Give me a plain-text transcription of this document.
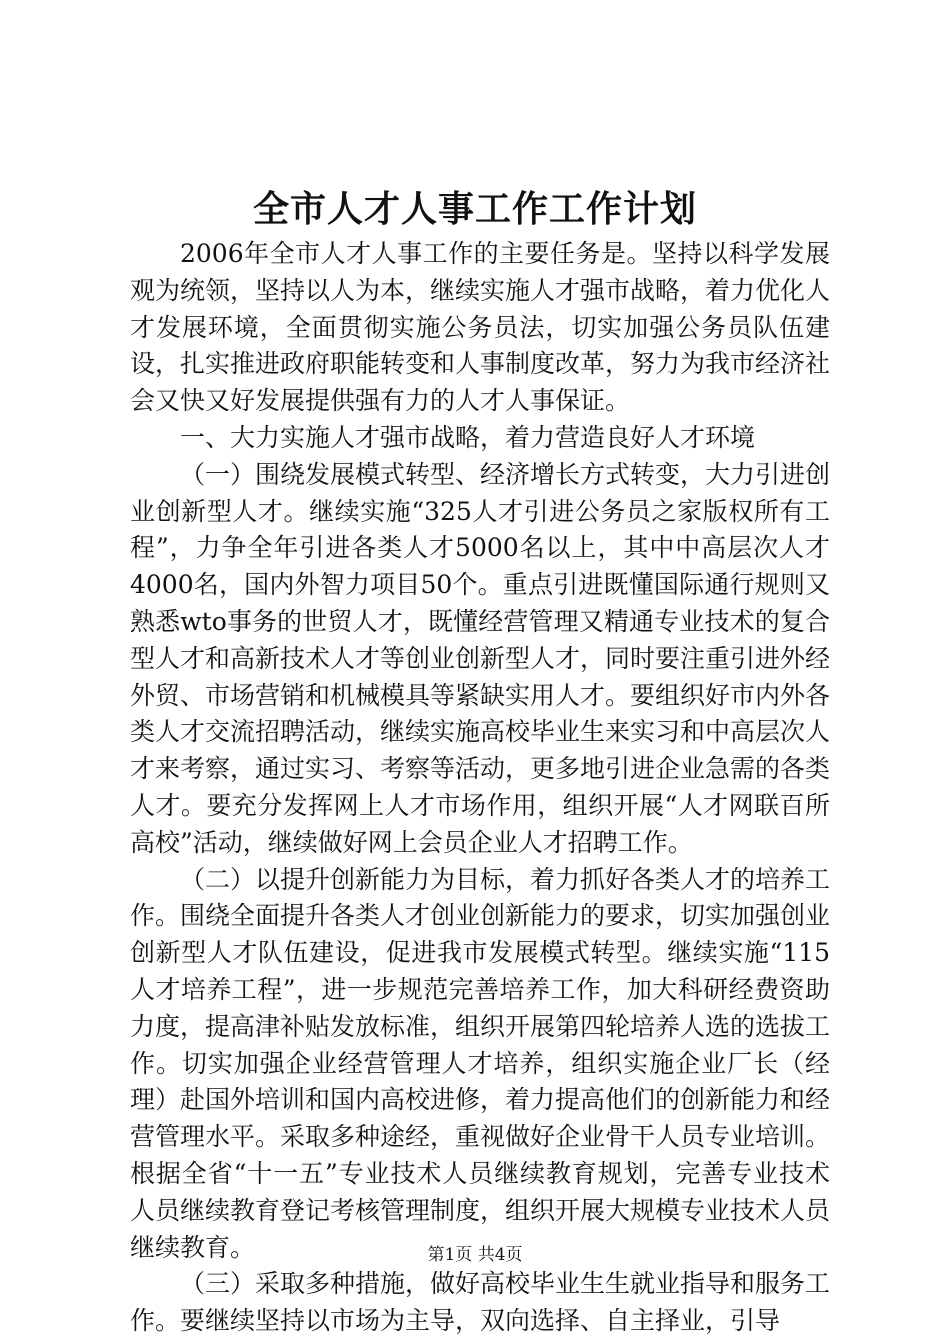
全市人才人事工作工作计划

2006年全市人才人事工作的主要任务是。坚持以科学发展观为统领，坚持以人为本，继续实施人才强市战略，着力优化人才发展环境，全面贯彻实施公务员法，切实加强公务员队伍建设，扎实推进政府职能转变和人事制度改革，努力为我市经济社会又快又好发展提供强有力的人才人事保证。

一、大力实施人才强市战略，着力营造良好人才环境

（一）围绕发展模式转型、经济增长方式转变，大力引进创业创新型人才。继续实施“325人才引进公务员之家版权所有工程”，力争全年引进各类人才5000名以上，其中中高层次人才4000名，国内外智力项目50个。重点引进既懂国际通行规则又熟悉wto事务的世贸人才，既懂经营管理又精通专业技术的复合型人才和高新技术人才等创业创新型人才，同时要注重引进外经外贸、市场营销和机械模具等紧缺实用人才。要组织好市内外各类人才交流招聘活动，继续实施高校毕业生来实习和中高层次人才来考察，通过实习、考察等活动，更多地引进企业急需的各类人才。要充分发挥网上人才市场作用，组织开展“人才网联百所高校”活动，继续做好网上会员企业人才招聘工作。

（二）以提升创新能力为目标，着力抓好各类人才的培养工作。围绕全面提升各类人才创业创新能力的要求，切实加强创业创新型人才队伍建设，促进我市发展模式转型。继续实施“115人才培养工程”，进一步规范完善培养工作，加大科研经费资助力度，提高津补贴发放标准，组织开展第四轮培养人选的选拔工作。切实加强企业经营管理人才培养，组织实施企业厂长（经理）赴国外培训和国内高校进修，着力提高他们的创新能力和经营管理水平。采取多种途经，重视做好企业骨干人员专业培训。根据全省“十一五”专业技术人员继续教育规划，完善专业技术人员继续教育登记考核管理制度，组织开展大规模专业技术人员继续教育。

（三）采取多种措施，做好高校毕业生生就业指导和服务工作。要继续坚持以市场为主导，双向选择、自主择业，引导

第1页 共4页
